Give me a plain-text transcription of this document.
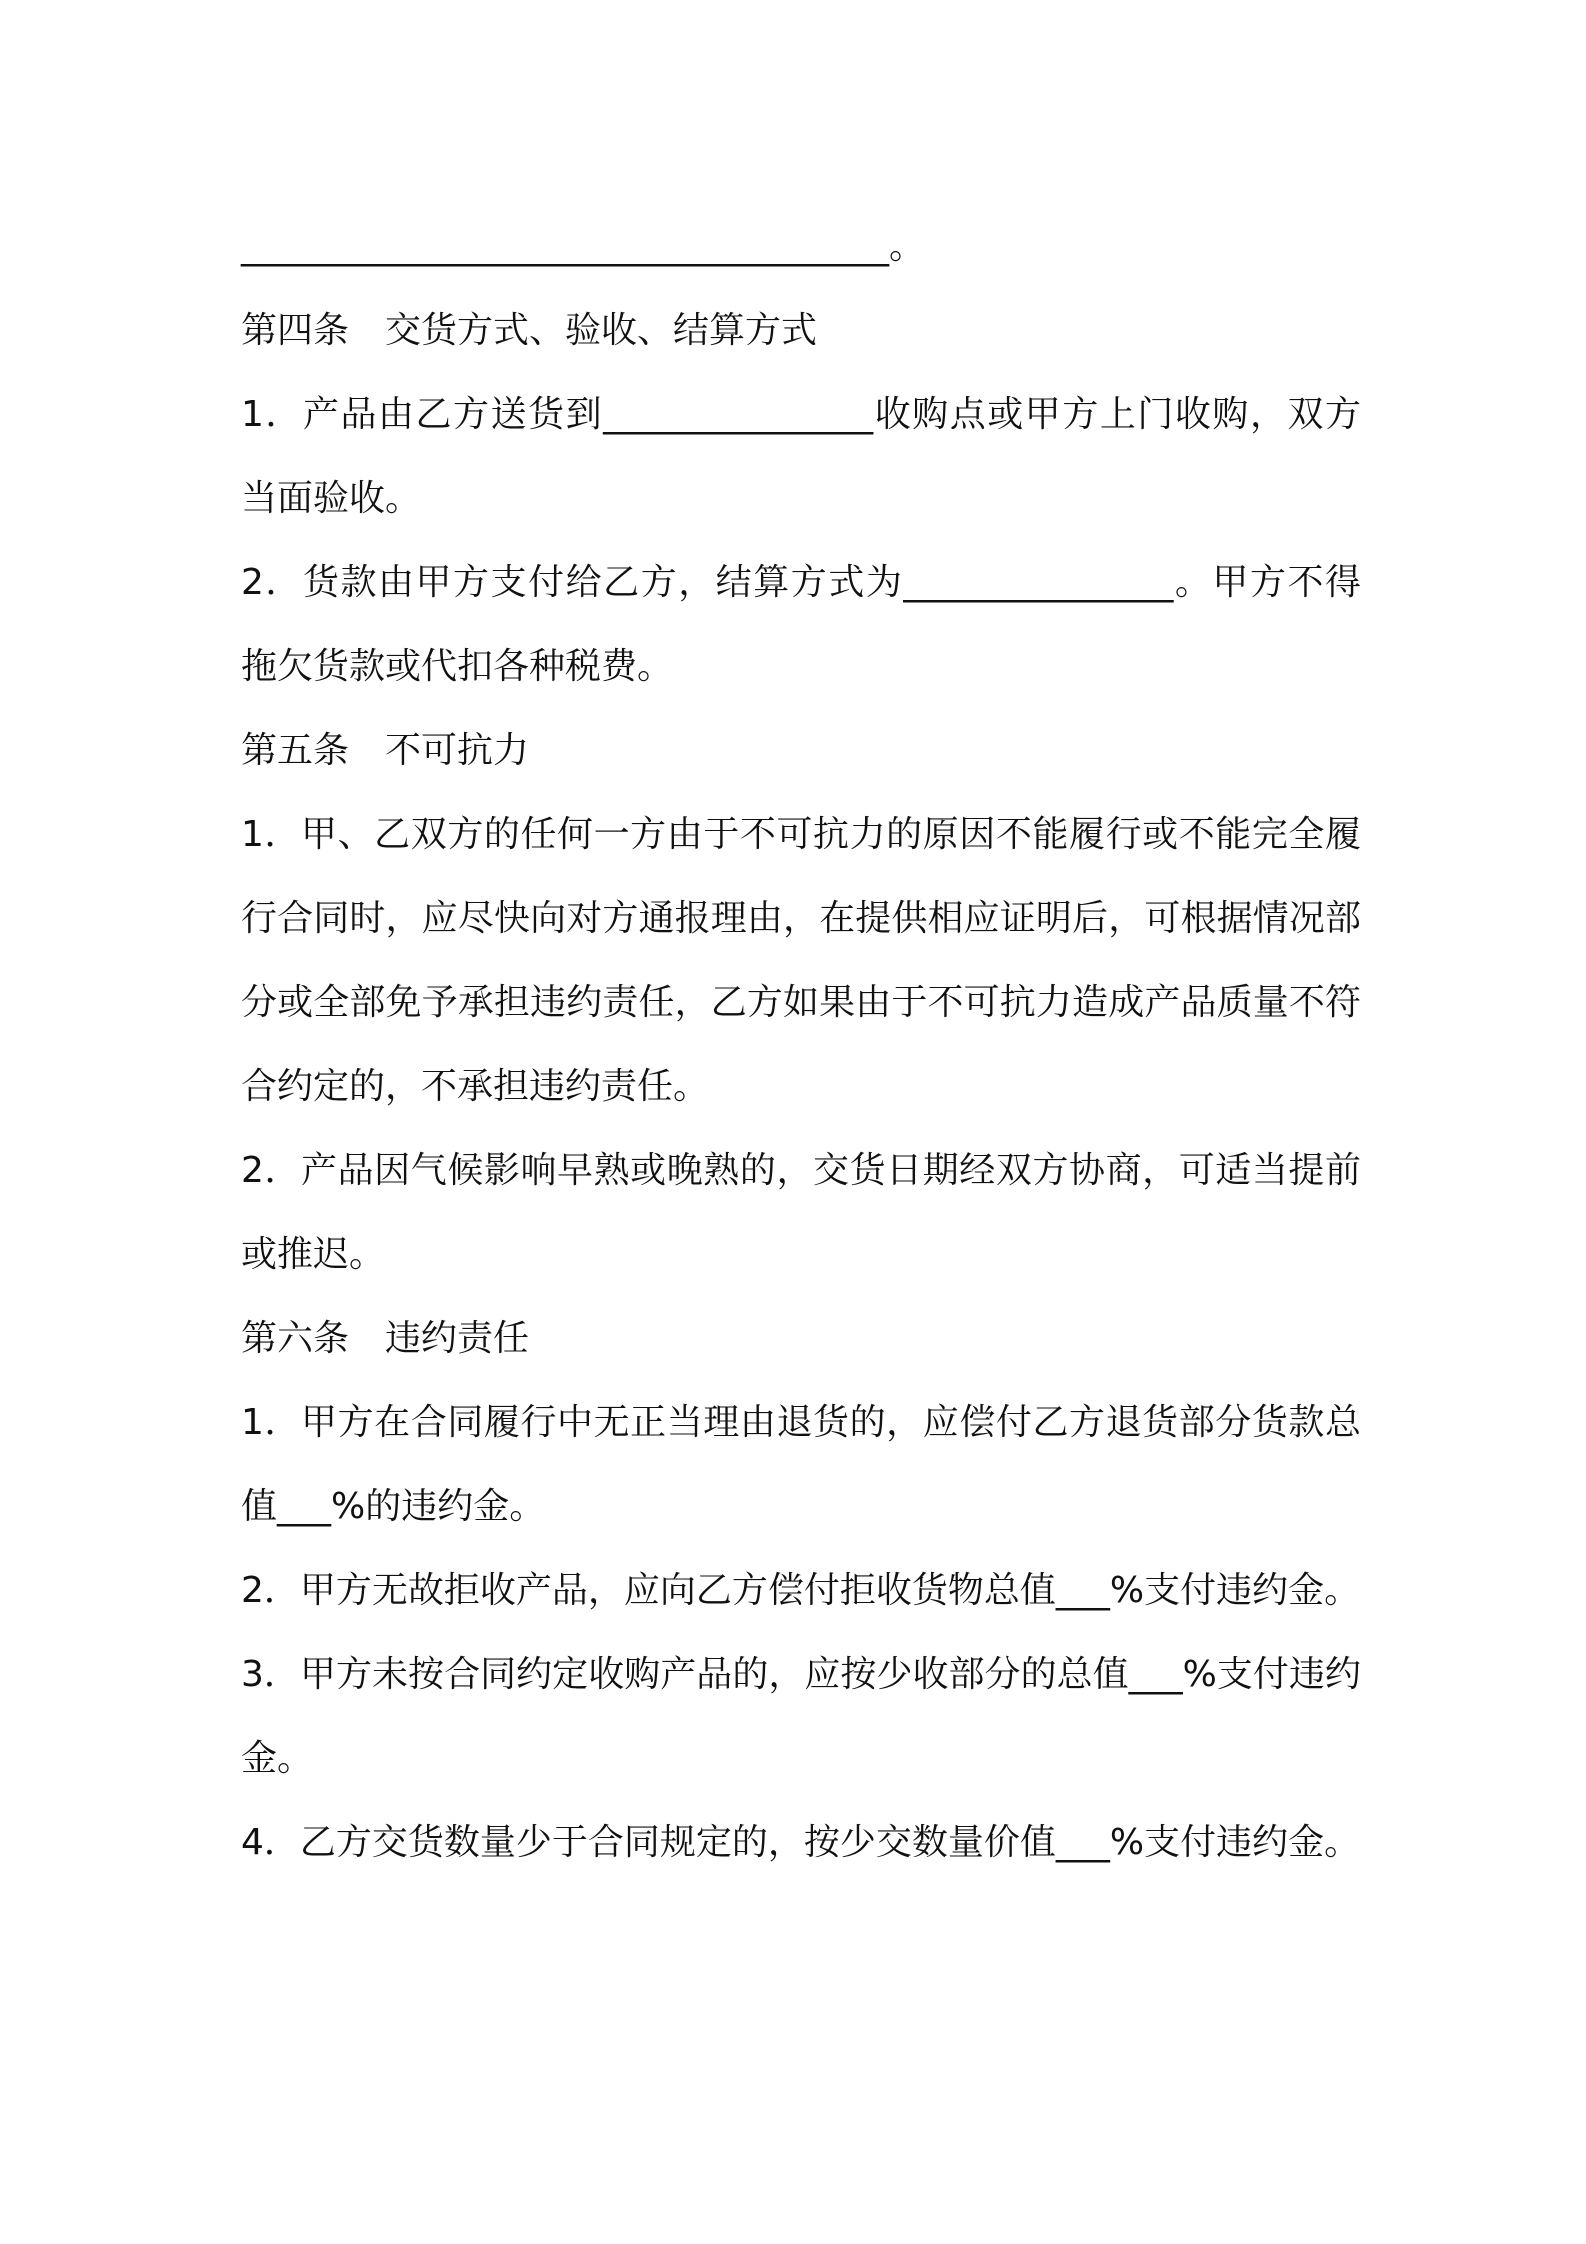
____________________________________。

第四条　交货方式、验收、结算方式

1．产品由乙方送货到_______________收购点或甲方上门收购，双方当面验收。

2．货款由甲方支付给乙方，结算方式为_______________。甲方不得拖欠货款或代扣各种税费。

第五条　不可抗力

1．甲、乙双方的任何一方由于不可抗力的原因不能履行或不能完全履行合同时，应尽快向对方通报理由，在提供相应证明后，可根据情况部分或全部免予承担违约责任，乙方如果由于不可抗力造成产品质量不符合约定的，不承担违约责任。

2．产品因气候影响早熟或晚熟的，交货日期经双方协商，可适当提前或推迟。

第六条　违约责任

1．甲方在合同履行中无正当理由退货的，应偿付乙方退货部分货款总值___%的违约金。

2．甲方无故拒收产品，应向乙方偿付拒收货物总值___%支付违约金。

3．甲方未按合同约定收购产品的，应按少收部分的总值___%支付违约金。

4．乙方交货数量少于合同规定的，按少交数量价值___%支付违约金。
